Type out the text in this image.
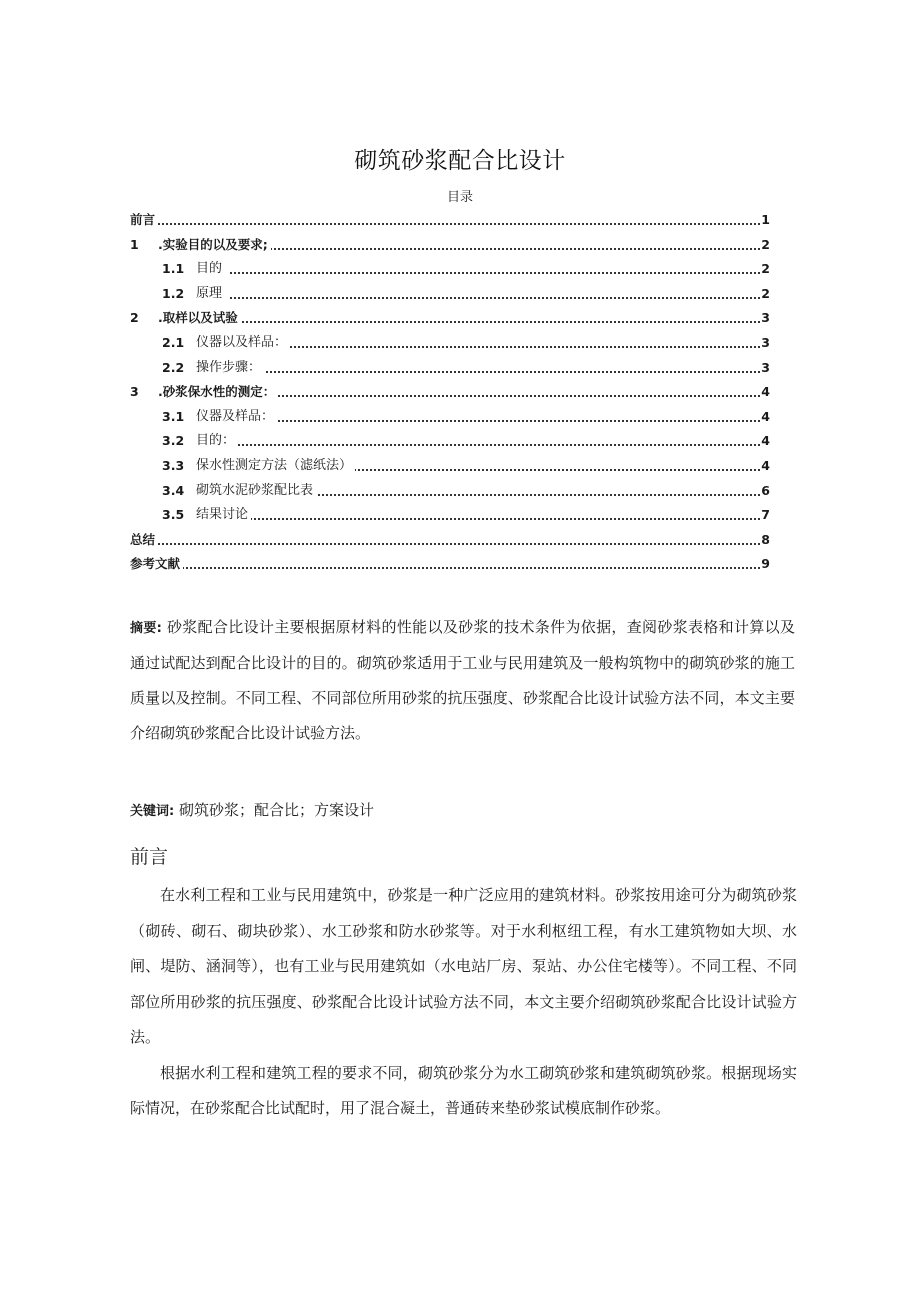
砌筑砂浆配合比设计
目录
前言	1
1 .实验目的以及要求;	2
1.1 目的	2
1.2 原理	2
2 .取样以及试验	3
2.1 仪器以及样品：	3
2.2 操作步骤：	3
3 .砂浆保水性的测定：	4
3.1 仪器及样品：	4
3.2 目的：	4
3.3 保水性测定方法（滤纸法）	4
3.4 砌筑水泥砂浆配比表	6
3.5 结果讨论	7
总结	8
参考文献	9
摘要: 砂浆配合比设计主要根据原材料的性能以及砂浆的技术条件为依据，查阅砂浆表格和计算以及通过试配达到配合比设计的目的。砌筑砂浆适用于工业与民用建筑及一般构筑物中的砌筑砂浆的施工质量以及控制。不同工程、不同部位所用砂浆的抗压强度、砂浆配合比设计试验方法不同，本文主要介绍砌筑砂浆配合比设计试验方法。
关键词: 砌筑砂浆；配合比；方案设计
前言

在水利工程和工业与民用建筑中，砂浆是一种广泛应用的建筑材料。砂浆按用途可分为砌筑砂浆（砌砖、砌石、砌块砂浆）、水工砂浆和防水砂浆等。对于水利枢纽工程，有水工建筑物如大坝、水闸、堤防、涵洞等），也有工业与民用建筑如（水电站厂房、泵站、办公住宅楼等）。不同工程、不同部位所用砂浆的抗压强度、砂浆配合比设计试验方法不同，本文主要介绍砌筑砂浆配合比设计试验方法。

根据水利工程和建筑工程的要求不同，砌筑砂浆分为水工砌筑砂浆和建筑砌筑砂浆。根据现场实际情况，在砂浆配合比试配时，用了混合凝土，普通砖来垫砂浆试模底制作砂浆。
